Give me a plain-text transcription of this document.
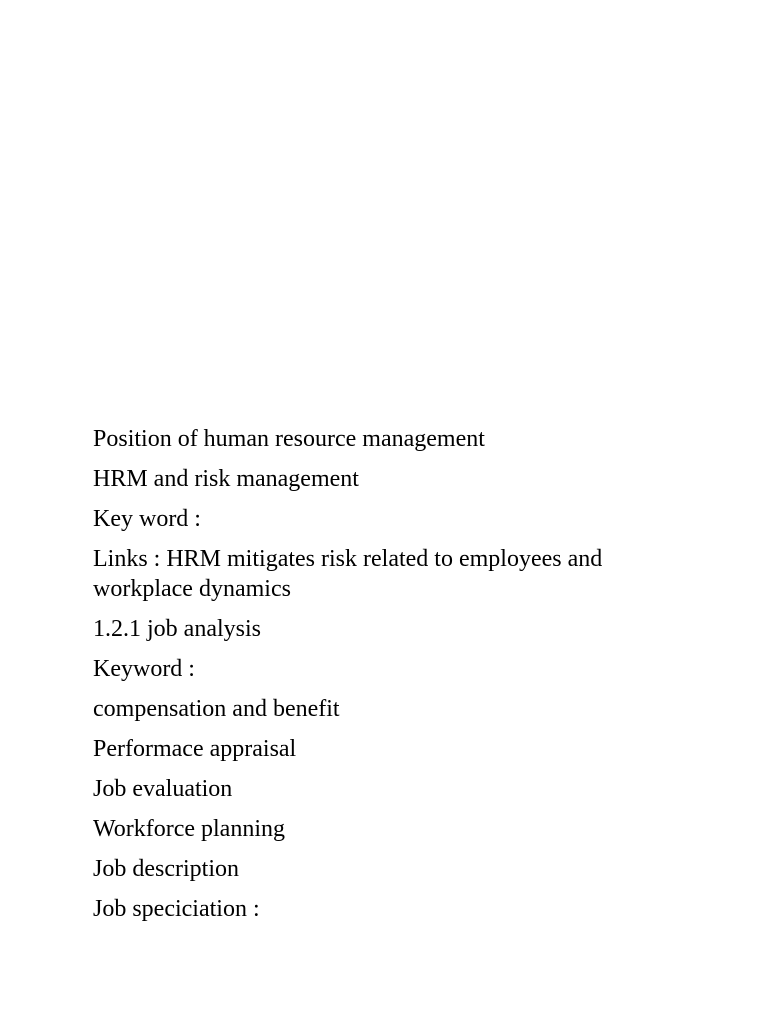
Position of human resource management

HRM and risk management

Key word :

Links : HRM mitigates risk related to employees and workplace dynamics

1.2.1 job analysis

Keyword :

compensation and benefit

Performace appraisal

Job evaluation

Workforce planning

Job description

Job speciciation :
